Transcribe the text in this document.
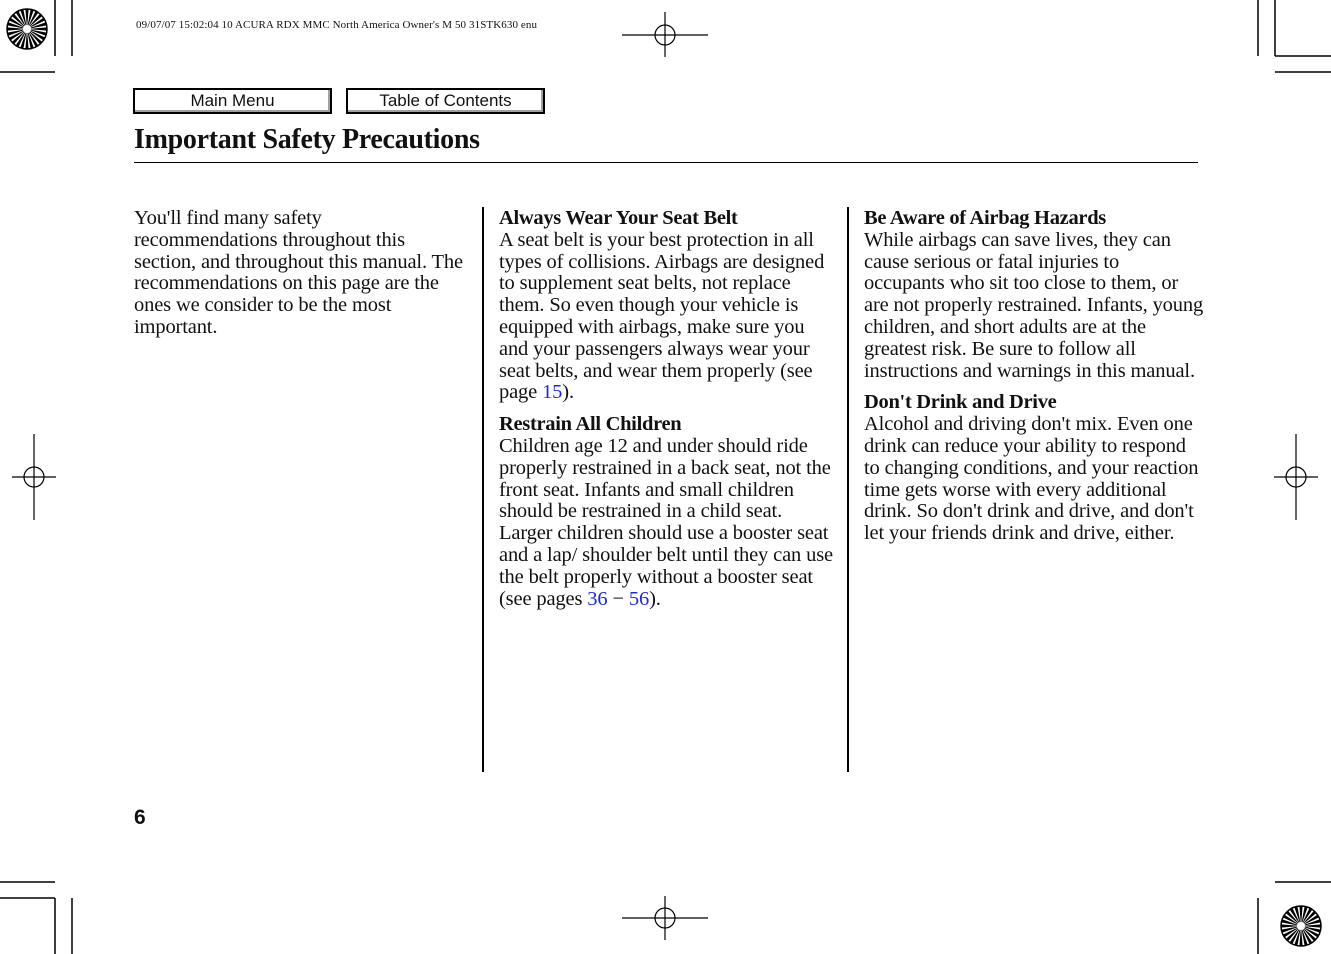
09/07/07 15:02:04 10 ACURA RDX MMC North America Owner's M 50 31STK630 enu
Main Menu	Table of Contents
Important Safety Precautions

You'll find many safety recommendations throughout this section, and throughout this manual. The recommendations on this page are the ones we consider to be the most important.

Always Wear Your Seat Belt

A seat belt is your best protection in all types of collisions. Airbags are designed to supplement seat belts, not replace them. So even though your vehicle is equipped with airbags, make sure you and your passengers always wear your seat belts, and wear them properly (see page 15).

Restrain All Children

Children age 12 and under should ride properly restrained in a back seat, not the front seat. Infants and small children should be restrained in a child seat. Larger children should use a booster seat and a lap/ shoulder belt until they can use the belt properly without a booster seat (see pages 36 − 56).

Be Aware of Airbag Hazards

While airbags can save lives, they can cause serious or fatal injuries to occupants who sit too close to them, or are not properly restrained. Infants, young children, and short adults are at the greatest risk. Be sure to follow all instructions and warnings in this manual.

Don't Drink and Drive

Alcohol and driving don't mix. Even one drink can reduce your ability to respond to changing conditions, and your reaction time gets worse with every additional drink. So don't drink and drive, and don't let your friends drink and drive, either.

6
